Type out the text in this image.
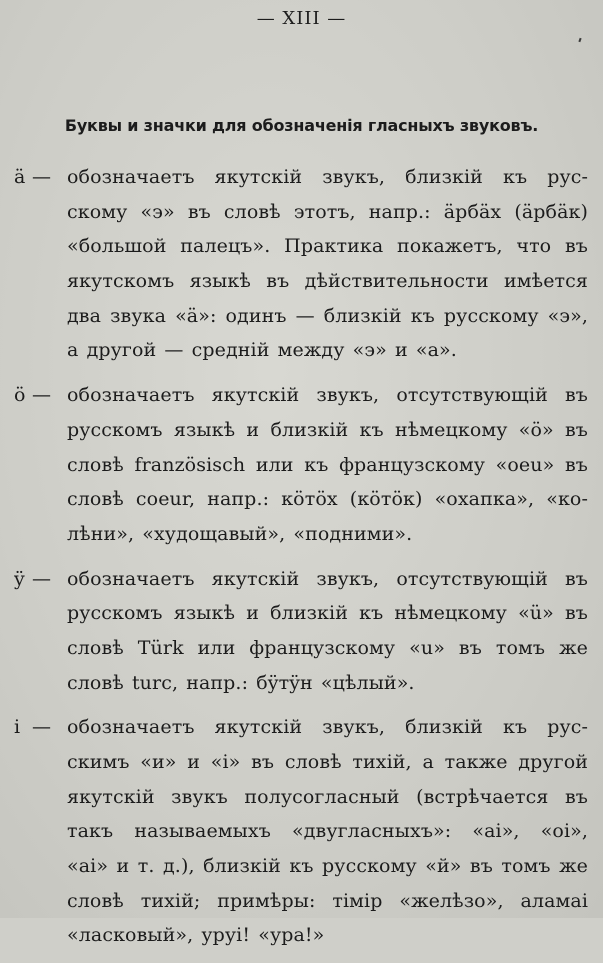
— XIII —
Буквы и значки для обозначенія гласныхъ звуковъ.
ä — обозначаетъ якутскій звукъ, близкій къ рус-
скому «э» въ словѣ этотъ, напр.: äрбäх (äрбäк)
«большой палецъ». Практика покажетъ, что въ
якутскомъ языкѣ въ дѣйствительности имѣется
два звука «ä»: одинъ — близкій къ русскому «э»,
а другой — средній между «э» и «а».
ö — обозначаетъ якутскій звукъ, отсутствующій въ
русскомъ языкѣ и близкій къ нѣмецкому «ö» въ
словѣ französisch или къ французскому «oeu» въ
словѣ coeur, напр.: кöтöх (кöтöк) «охапка», «ко-
лѣни», «худощавый», «подними».
ÿ — обозначаетъ якутскій звукъ, отсутствующій въ
русскомъ языкѣ и близкій къ нѣмецкому «ü» въ
словѣ Türk или французскому «u» въ томъ же
словѣ turc, напр.: бÿтÿн «цѣлый».
і — обозначаетъ якутскій звукъ, близкій къ рус-
скимъ «и» и «і» въ словѣ тихій, а также другой
якутскій звукъ полусогласный (встрѣчается въ
такъ называемыхъ «двугласныхъ»: «аі», «оі»,
«аі» и т. д.), близкій къ русскому «й» въ томъ же
словѣ тихій; примѣры: тімір «желѣзо», аламаі
«ласковый», уруі! «ура!»
